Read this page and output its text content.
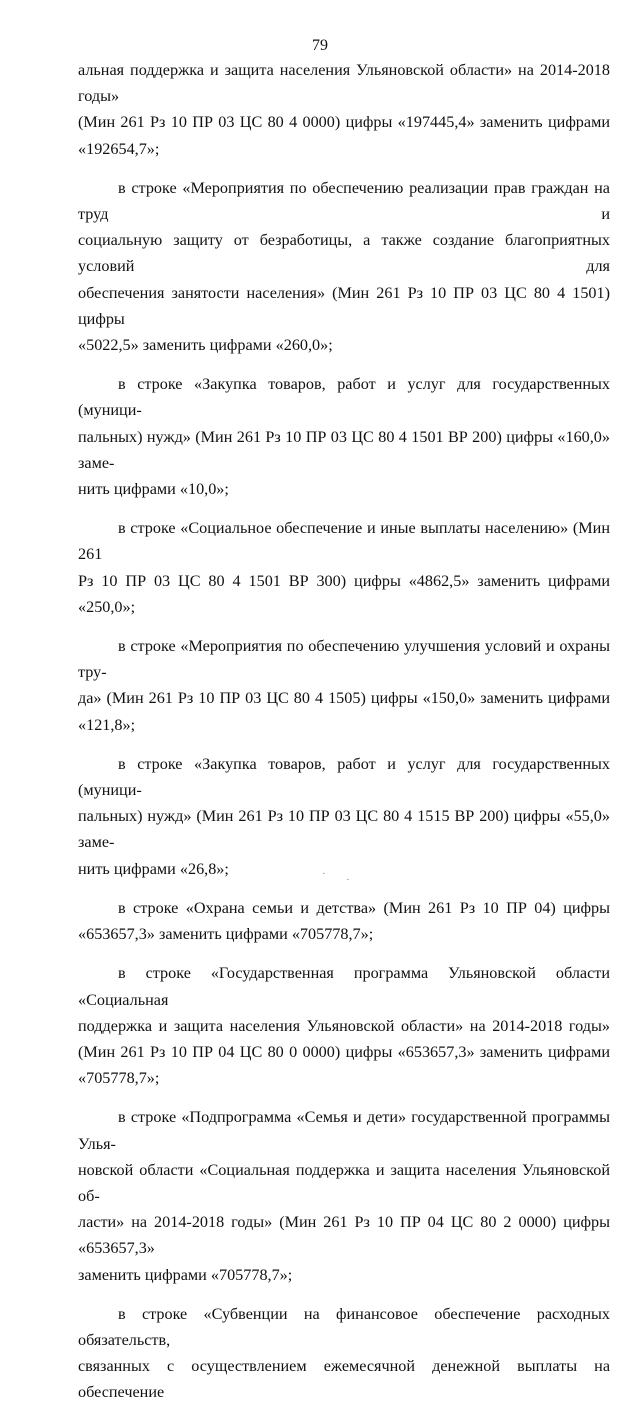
79

альная поддержка и защита населения Ульяновской области» на 2014-2018 годы»
(Мин 261 Рз 10 ПР 03 ЦС 80 4 0000) цифры «197445,4» заменить цифрами
«192654,7»;

в строке «Мероприятия по обеспечению реализации прав граждан на труд и
социальную защиту от безработицы, а также создание благоприятных условий для
обеспечения занятости населения» (Мин 261 Рз 10 ПР 03 ЦС 80 4 1501) цифры
«5022,5» заменить цифрами «260,0»;

в строке «Закупка товаров, работ и услуг для государственных (муници-
пальных) нужд» (Мин 261 Рз 10 ПР 03 ЦС 80 4 1501 ВР 200) цифры «160,0» заме-
нить цифрами «10,0»;

в строке «Социальное обеспечение и иные выплаты населению» (Мин 261
Рз 10 ПР 03 ЦС 80 4 1501 ВР 300) цифры «4862,5» заменить цифрами «250,0»;

в строке «Мероприятия по обеспечению улучшения условий и охраны тру-
да» (Мин 261 Рз 10 ПР 03 ЦС 80 4 1505) цифры «150,0» заменить цифрами
«121,8»;

в строке «Закупка товаров, работ и услуг для государственных (муници-
пальных) нужд» (Мин 261 Рз 10 ПР 03 ЦС 80 4 1515 ВР 200) цифры «55,0» заме-
нить цифрами «26,8»;

в строке «Охрана семьи и детства» (Мин 261 Рз 10 ПР 04) цифры
«653657,3» заменить цифрами «705778,7»;

в строке «Государственная программа Ульяновской области «Социальная
поддержка и защита населения Ульяновской области» на 2014-2018 годы»
(Мин 261 Рз 10 ПР 04 ЦС 80 0 0000) цифры «653657,3» заменить цифрами
«705778,7»;

в строке «Подпрограмма «Семья и дети» государственной программы Улья-
новской области «Социальная поддержка и защита населения Ульяновской об-
ласти» на 2014-2018 годы» (Мин 261 Рз 10 ПР 04 ЦС 80 2 0000) цифры «653657,3»
заменить цифрами «705778,7»;

в строке «Субвенции на финансовое обеспечение расходных обязательств,
связанных с осуществлением ежемесячной денежной выплаты на обеспечение

· ·
